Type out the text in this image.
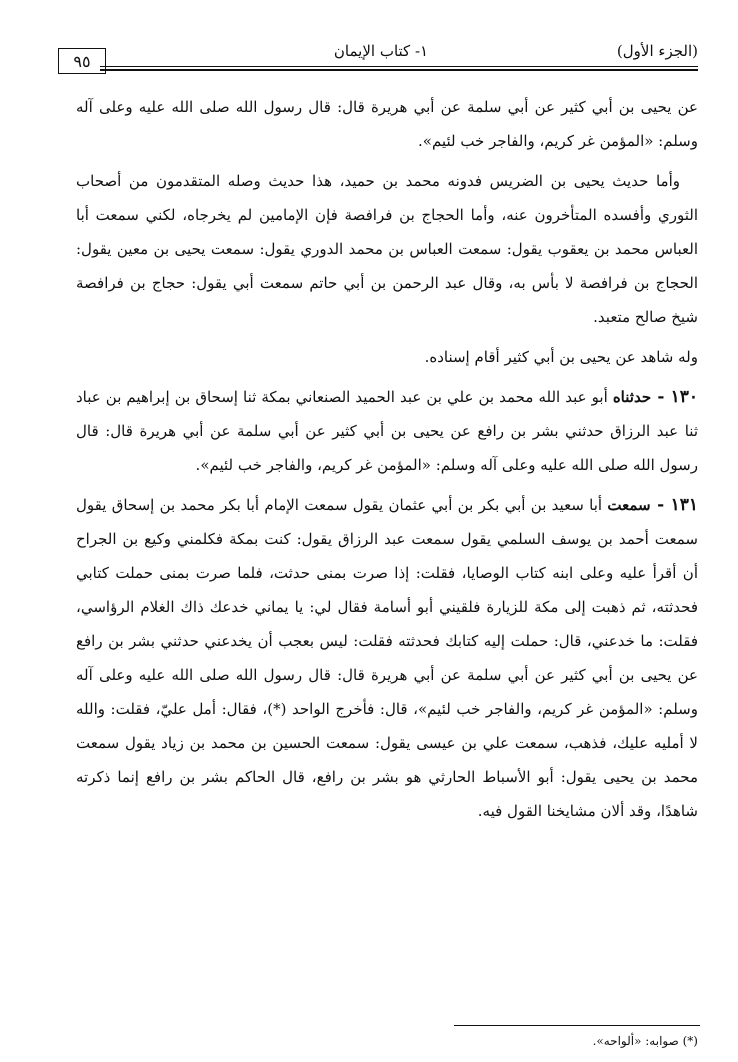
(الجزء الأول)
١- كتاب الإيمان
٩٥

عن يحيى بن أبي كثير عن أبي سلمة عن أبي هريرة قال: قال رسول الله صلى الله عليه وعلى آله وسلم: «المؤمن غر كريم، والفاجر خب لئيم».

وأما حديث يحيى بن الضريس فدونه محمد بن حميد، هذا حديث وصله المتقدمون من أصحاب الثوري وأفسده المتأخرون عنه، وأما الحجاج بن فرافصة فإن الإمامين لم يخرجاه، لكني سمعت أبا العباس محمد بن يعقوب يقول: سمعت العباس بن محمد الدوري يقول: سمعت يحيى بن معين يقول: الحجاج بن فرافصة لا بأس به، وقال عبد الرحمن بن أبي حاتم سمعت أبي يقول: حجاج بن فرافصة شيخ صالح متعبد.

وله شاهد عن يحيى بن أبي كثير أقام إسناده.

١٣٠ - حدثناه أبو عبد الله محمد بن علي بن عبد الحميد الصنعاني بمكة ثنا إسحاق بن إبراهيم بن عباد ثنا عبد الرزاق حدثني بشر بن رافع عن يحيى بن أبي كثير عن أبي سلمة عن أبي هريرة قال: قال رسول الله صلى الله عليه وعلى آله وسلم: «المؤمن غر كريم، والفاجر خب لئيم».

١٣١ - سمعت أبا سعيد بن أبي بكر بن أبي عثمان يقول سمعت الإمام أبا بكر محمد بن إسحاق يقول سمعت أحمد بن يوسف السلمي يقول سمعت عبد الرزاق يقول: كنت بمكة فكلمني وكيع بن الجراح أن أقرأ عليه وعلى ابنه كتاب الوصايا، فقلت: إذا صرت بمنى حدثت، فلما صرت بمنى حملت كتابي فحدثته، ثم ذهبت إلى مكة للزيارة فلقيني أبو أسامة فقال لي: يا يماني خدعك ذاك الغلام الرؤاسي، فقلت: ما خدعني، قال: حملت إليه كتابك فحدثته فقلت: ليس بعجب أن يخدعني حدثني بشر بن رافع عن يحيى بن أبي كثير عن أبي سلمة عن أبي هريرة قال: قال رسول الله صلى الله عليه وعلى آله وسلم: «المؤمن غر كريم، والفاجر خب لئيم»، قال: فأخرج الواحد (*)، فقال: أمل عليّ، فقلت: والله لا أمليه عليك، فذهب، سمعت علي بن عيسى يقول: سمعت الحسين بن محمد بن زياد يقول سمعت محمد بن يحيى يقول: أبو الأسباط الحارثي هو بشر بن رافع، قال الحاكم بشر بن رافع إنما ذكرته شاهدًا، وقد ألان مشايخنا القول فيه.

(*) صوابه: «ألواحه».
